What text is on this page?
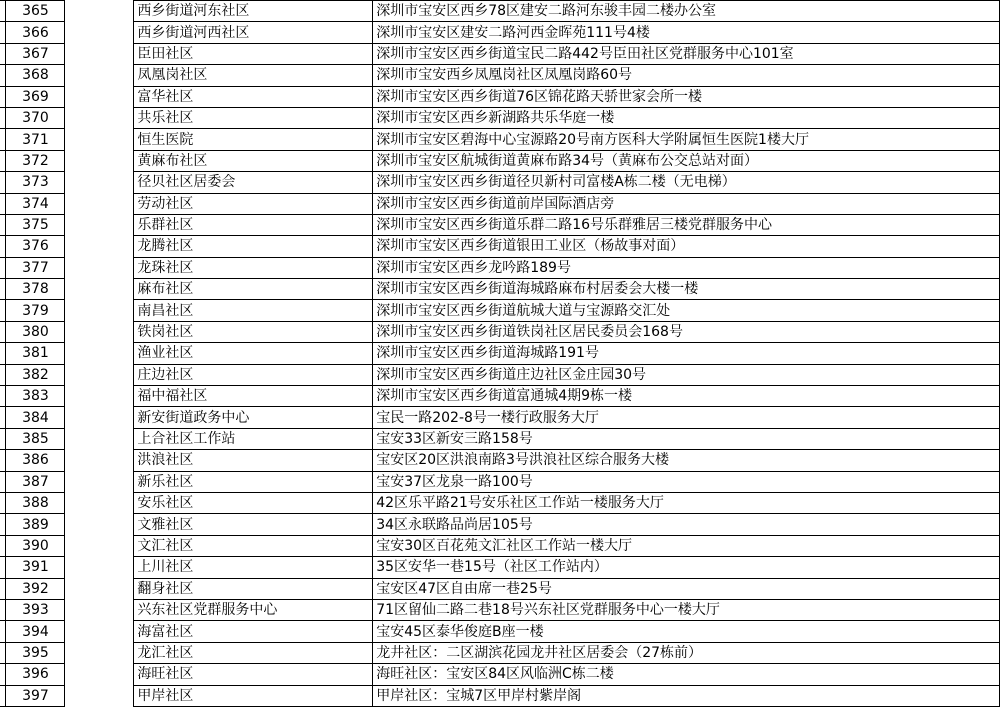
	365		西乡街道河东社区	深圳市宝安区西乡78区建安二路河东骏丰园二楼办公室
	366		西乡街道河西社区	深圳市宝安区建安二路河西金晖苑111号4楼
	367		臣田社区	深圳市宝安区西乡街道宝民二路442号臣田社区党群服务中心101室
	368		凤凰岗社区	深圳市宝安西乡凤凰岗社区凤凰岗路60号
	369		富华社区	深圳市宝安区西乡街道76区锦花路天骄世家会所一楼
	370		共乐社区	深圳市宝安区西乡新湖路共乐华庭一楼
	371		恒生医院	深圳市宝安区碧海中心宝源路20号南方医科大学附属恒生医院1楼大厅
	372		黄麻布社区	深圳市宝安区航城街道黄麻布路34号（黄麻布公交总站对面）
	373		径贝社区居委会	深圳市宝安区西乡街道径贝新村司富楼A栋二楼（无电梯）
	374		劳动社区	深圳市宝安区西乡街道前岸国际酒店旁
	375		乐群社区	深圳市宝安区西乡街道乐群二路16号乐群雅居三楼党群服务中心
	376		龙腾社区	深圳市宝安区西乡街道银田工业区（杨故事对面）
	377		龙珠社区	深圳市宝安区西乡龙吟路189号
	378		麻布社区	深圳市宝安区西乡街道海城路麻布村居委会大楼一楼
	379		南昌社区	深圳市宝安区西乡街道航城大道与宝源路交汇处
	380		铁岗社区	深圳市宝安区西乡街道铁岗社区居民委员会168号
	381		渔业社区	深圳市宝安区西乡街道海城路191号
	382		庄边社区	深圳市宝安区西乡街道庄边社区金庄园30号
	383		福中福社区	深圳市宝安区西乡街道富通城4期9栋一楼
	384		新安街道政务中心	宝民一路202-8号一楼行政服务大厅
	385		上合社区工作站	宝安33区新安三路158号
	386		洪浪社区	宝安区20区洪浪南路3号洪浪社区综合服务大楼
	387		新乐社区	宝安37区龙泉一路100号
	388		安乐社区	42区乐平路21号安乐社区工作站一楼服务大厅
	389		文雅社区	34区永联路品尚居105号
	390		文汇社区	宝安30区百花苑文汇社区工作站一楼大厅
	391		上川社区	35区安华一巷15号（社区工作站内）
	392		翻身社区	宝安区47区自由席一巷25号
	393		兴东社区党群服务中心	71区留仙二路二巷18号兴东社区党群服务中心一楼大厅
	394		海富社区	宝安45区泰华俊庭B座一楼
	395		龙汇社区	龙井社区：二区湖滨花园龙井社区居委会（27栋前）
	396		海旺社区	海旺社区：宝安区84区风临洲C栋二楼
	397		甲岸社区	甲岸社区：宝城7区甲岸村紫岸阁
